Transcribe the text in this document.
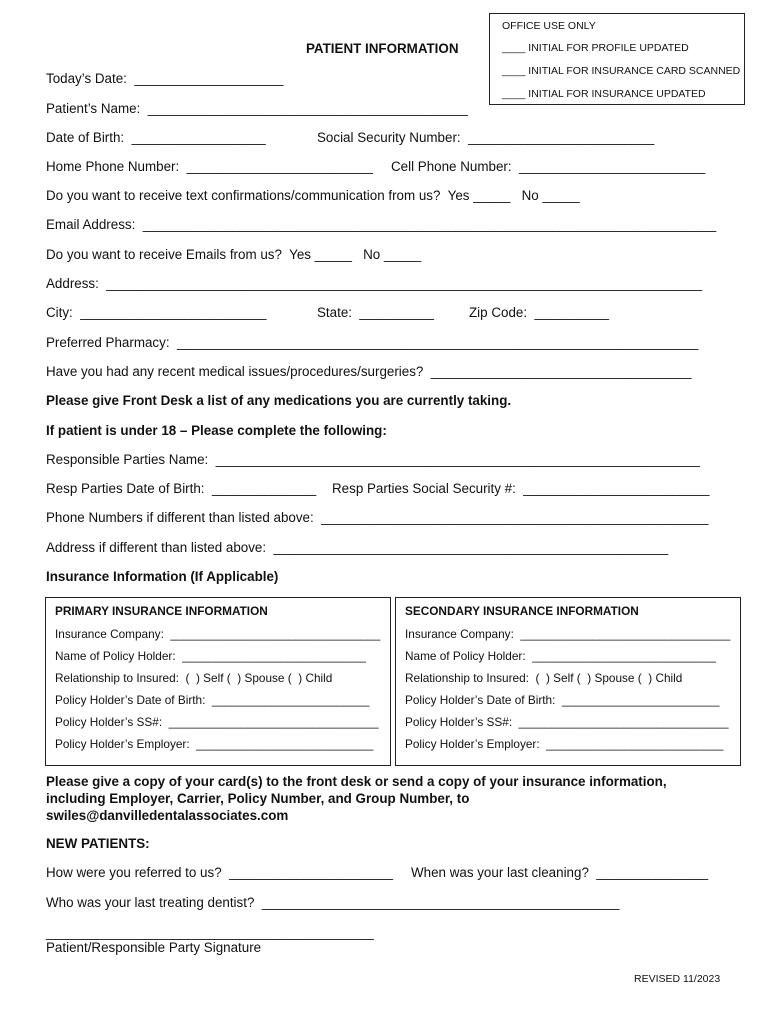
OFFICE USE ONLY
____ INITIAL FOR PROFILE UPDATED
____ INITIAL FOR INSURANCE CARD SCANNED
____ INITIAL FOR INSURANCE UPDATED
PATIENT INFORMATION
Today’s Date:  ____________________
Patient’s Name:  ___________________________________________
Date of Birth:  __________________	Social Security Number:  _________________________
Home Phone Number:  _________________________ Cell Phone Number:  _________________________
Do you want to receive text confirmations/communication from us?  Yes _____   No _____
Email Address:  _____________________________________________________________________________
Do you want to receive Emails from us?  Yes _____   No _____
Address:  ________________________________________________________________________________
City:  _________________________	State:  __________	Zip Code:  __________
Preferred Pharmacy:  ______________________________________________________________________
Have you had any recent medical issues/procedures/surgeries?  ___________________________________
Please give Front Desk a list of any medications you are currently taking.
If patient is under 18 – Please complete the following:
Responsible Parties Name:  _________________________________________________________________
Resp Parties Date of Birth:  ______________ Resp Parties Social Security #:  _________________________
Phone Numbers if different than listed above:  ____________________________________________________
Address if different than listed above:  _____________________________________________________
Insurance Information (If Applicable)
PRIMARY INSURANCE INFORMATION
Insurance Company:  ________________________________
Name of Policy Holder:  ____________________________
Relationship to Insured:  (  ) Self (  ) Spouse (  ) Child
Policy Holder’s Date of Birth:  ________________________
Policy Holder’s SS#:  ________________________________
Policy Holder’s Employer:  ___________________________
SECONDARY INSURANCE INFORMATION
Insurance Company:  ________________________________
Name of Policy Holder:  ____________________________
Relationship to Insured:  (  ) Self (  ) Spouse (  ) Child
Policy Holder’s Date of Birth:  ________________________
Policy Holder’s SS#:  ________________________________
Policy Holder’s Employer:  ___________________________
Please give a copy of your card(s) to the front desk or send a copy of your insurance information,
including Employer, Carrier, Policy Number, and Group Number, to
swiles@danvilledentalassociates.com
NEW PATIENTS:
How were you referred to us?  ______________________ When was your last cleaning?  _______________
Who was your last treating dentist?  ________________________________________________
____________________________________________
Patient/Responsible Party Signature
REVISED 11/2023
